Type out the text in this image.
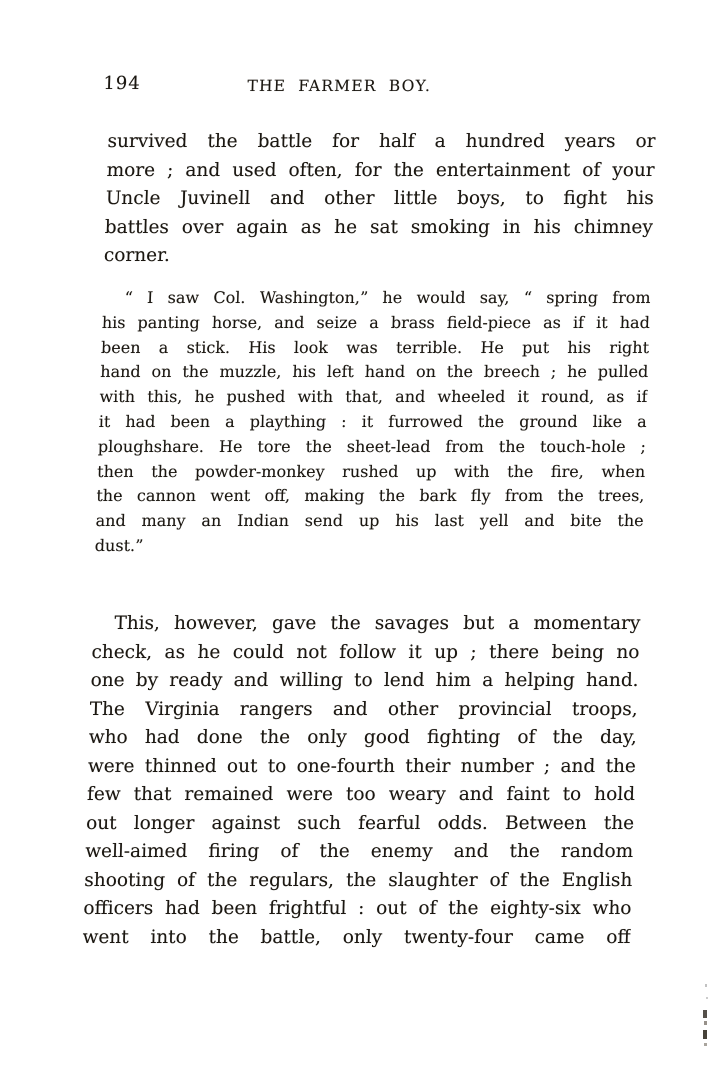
194	THE FARMER BOY.
survived the battle for half a hundred years or
more ; and used often, for the entertainment of your
Uncle Juvinell and other little boys, to fight his
battles over again as he sat smoking in his chimney
corner.
“ I saw Col. Washington,” he would say, “ spring from
his panting horse, and seize a brass field-piece as if it had
been a stick. His look was terrible. He put his right
hand on the muzzle, his left hand on the breech ; he pulled
with this, he pushed with that, and wheeled it round, as if
it had been a plaything : it furrowed the ground like a
ploughshare. He tore the sheet-lead from the touch-hole ;
then the powder-monkey rushed up with the fire, when
the cannon went off, making the bark fly from the trees,
and many an Indian send up his last yell and bite the
dust.”
This, however, gave the savages but a momentary
check, as he could not follow it up ; there being no
one by ready and willing to lend him a helping hand.
The Virginia rangers and other provincial troops,
who had done the only good fighting of the day,
were thinned out to one-fourth their number ; and the
few that remained were too weary and faint to hold
out longer against such fearful odds. Between the
well-aimed firing of the enemy and the random
shooting of the regulars, the slaughter of the English
officers had been frightful : out of the eighty-six who
went into the battle, only twenty-four came off
